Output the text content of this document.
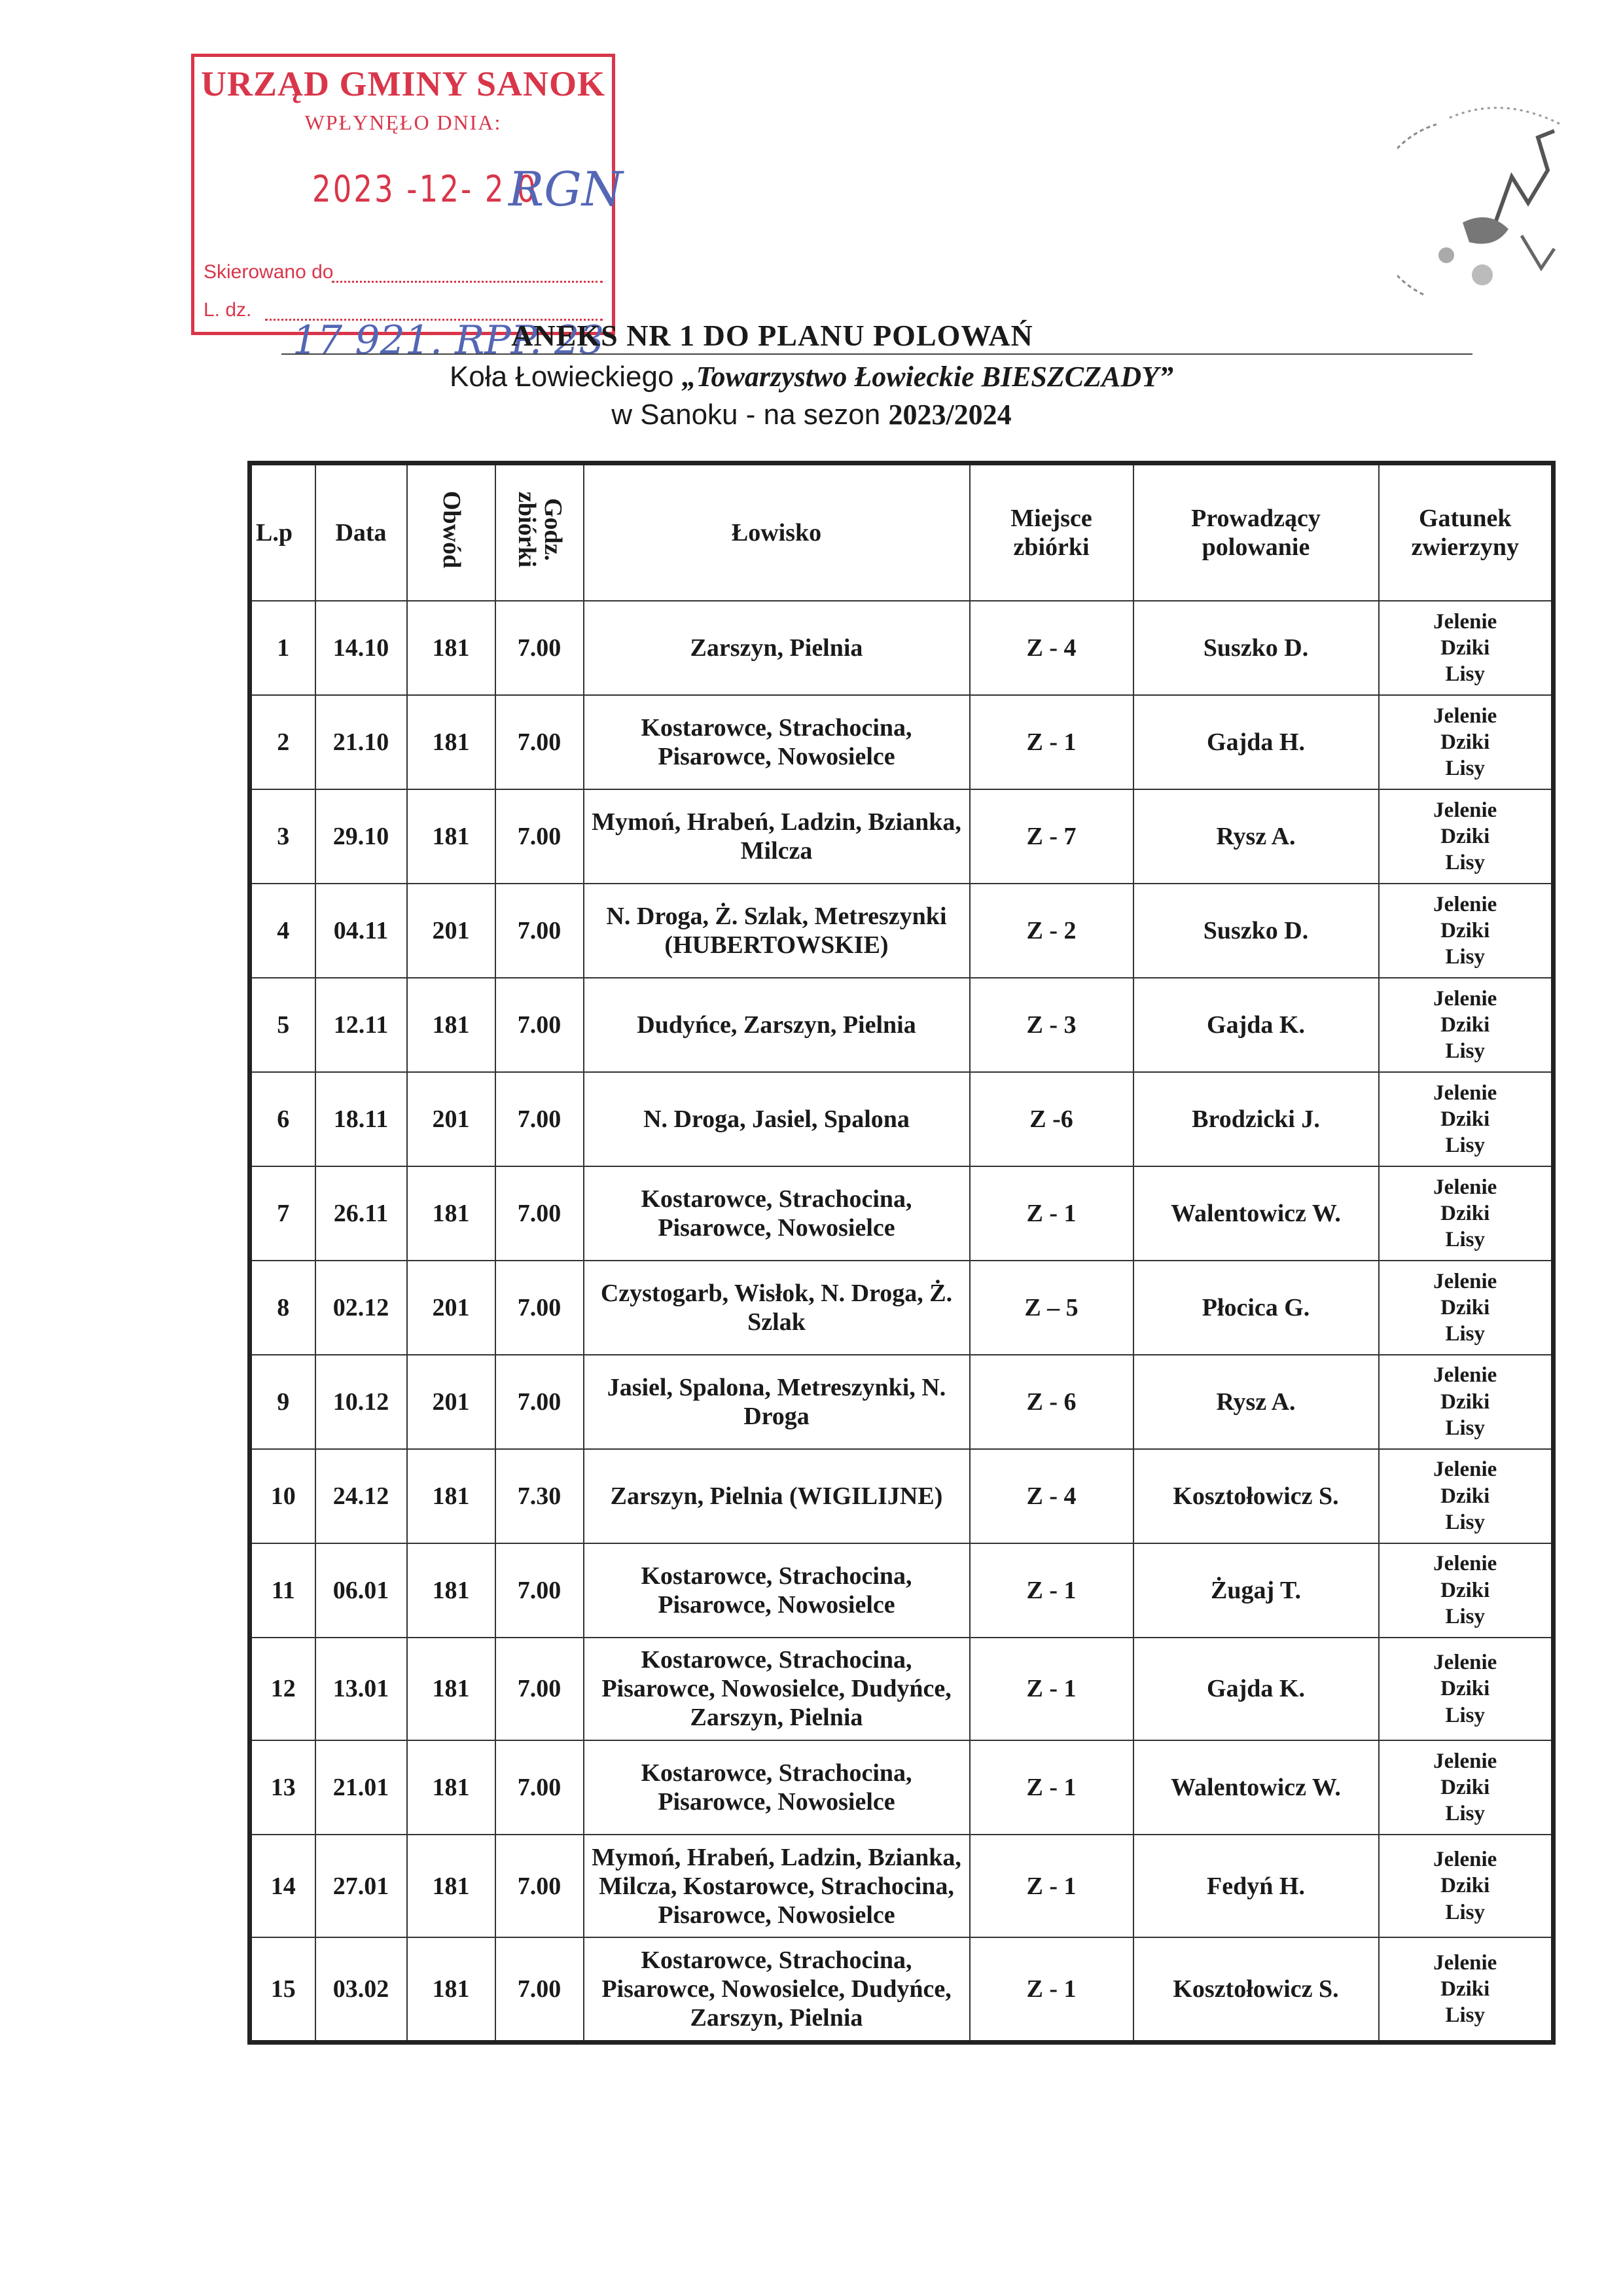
URZĄD GMINY SANOK
WPŁYNĘŁO DNIA:
2023 -12- 2 0
RGN
Skierowano do
L. dz.
17 921. RPP. 23
ANEKS NR 1 DO PLANU POLOWAŃ
Koła Łowieckiego „Towarzystwo Łowieckie BIESZCZADY”
w Sanoku - na sezon 2023/2024
L.p	Data	Obwód	Godz. zbiórki	Łowisko	Miejsce zbiórki	Prowadzący polowanie	Gatunek zwierzyny
1	14.10	181	7.00	Zarszyn, Pielnia	Z - 4	Suszko D.	Jelenie
Dziki
Lisy

2	21.10	181	7.00	Kostarowce, Strachocina, Pisarowce, Nowosielce	Z - 1	Gajda H.	Jelenie
Dziki
Lisy

3	29.10	181	7.00	Mymoń, Hrabeń, Ladzin, Bzianka, Milcza	Z - 7	Rysz A.	Jelenie
Dziki
Lisy

4	04.11	201	7.00	N. Droga, Ż. Szlak, Metreszynki (HUBERTOWSKIE)	Z - 2	Suszko D.	Jelenie
Dziki
Lisy

5	12.11	181	7.00	Dudyńce, Zarszyn, Pielnia	Z - 3	Gajda K.	Jelenie
Dziki
Lisy

6	18.11	201	7.00	N. Droga, Jasiel, Spalona	Z -6	Brodzicki J.	Jelenie
Dziki
Lisy

7	26.11	181	7.00	Kostarowce, Strachocina, Pisarowce, Nowosielce	Z - 1	Walentowicz W.	Jelenie
Dziki
Lisy

8	02.12	201	7.00	Czystogarb, Wisłok, N. Droga, Ż. Szlak	Z – 5	Płocica G.	Jelenie
Dziki
Lisy

9	10.12	201	7.00	Jasiel, Spalona, Metreszynki, N. Droga	Z - 6	Rysz A.	Jelenie
Dziki
Lisy

10	24.12	181	7.30	Zarszyn, Pielnia (WIGILIJNE)	Z - 4	Kosztołowicz S.	Jelenie
Dziki
Lisy

11	06.01	181	7.00	Kostarowce, Strachocina, Pisarowce, Nowosielce	Z - 1	Żugaj T.	Jelenie
Dziki
Lisy

12	13.01	181	7.00	Kostarowce, Strachocina, Pisarowce, Nowosielce, Dudyńce, Zarszyn, Pielnia	Z - 1	Gajda K.	Jelenie
Dziki
Lisy

13	21.01	181	7.00	Kostarowce, Strachocina, Pisarowce, Nowosielce	Z - 1	Walentowicz W.	Jelenie
Dziki
Lisy

14	27.01	181	7.00	Mymoń, Hrabeń, Ladzin, Bzianka, Milcza, Kostarowce, Strachocina, Pisarowce, Nowosielce	Z - 1	Fedyń H.	Jelenie
Dziki
Lisy

15	03.02	181	7.00	Kostarowce, Strachocina, Pisarowce, Nowosielce, Dudyńce, Zarszyn, Pielnia	Z - 1	Kosztołowicz S.	Jelenie
Dziki
Lisy
